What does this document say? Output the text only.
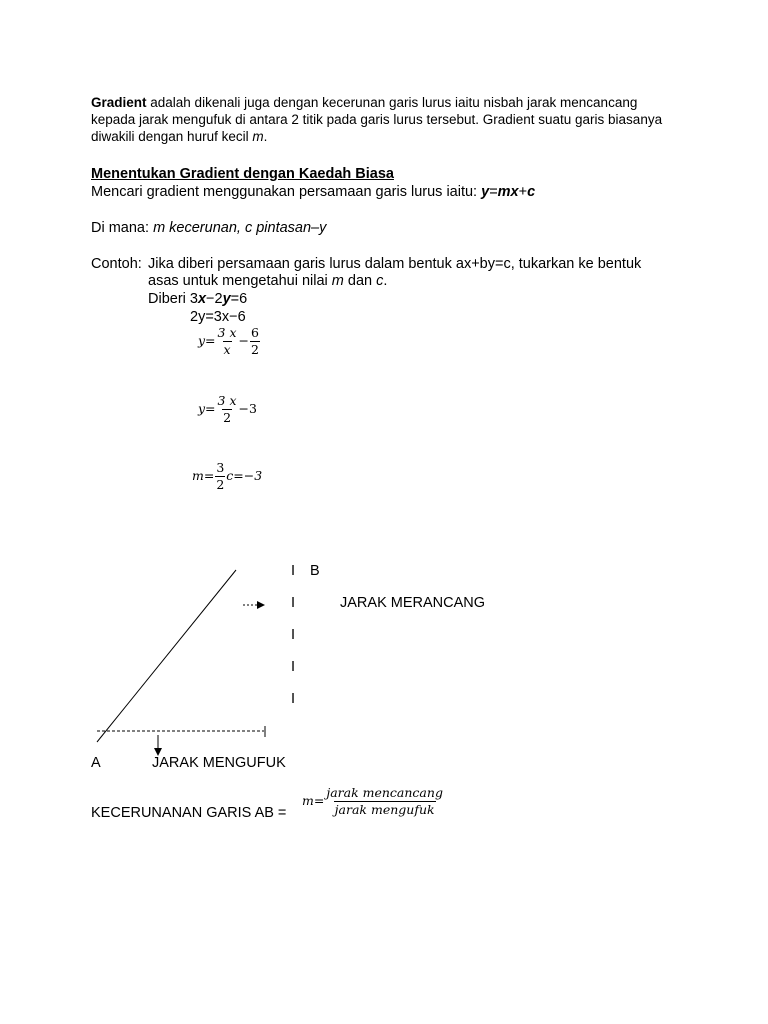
Gradient adalah dikenali juga dengan kecerunan garis lurus iaitu nisbah jarak mencancang
kepada jarak mengufuk di antara 2 titik pada garis lurus tersebut. Gradient suatu garis biasanya
diwakili dengan huruf kecil m.
Menentukan Gradient dengan Kaedah Biasa
Mencari gradient menggunakan persamaan garis lurus iaitu: y=mx+c
Di mana: m kecerunan, c pintasan–y
Contoh: Jika diberi persamaan garis lurus dalam bentuk ax+by=c, tukarkan ke bentuk
asas untuk mengetahui nilai m dan c.
Diberi 3x−2y=6
2y=3x−6
$y= \frac{3 x}{x} - \frac{6}{2}$
$y= \frac{3 x}{2} -3$
$m= \frac{3}{2} c=-3$
I B
I	JARAK MERANCANG
I
I
I
A	JARAK MENGUFUK
KECERUNANAN GARIS AB =
$m= \frac{\text{jarak mencancang}}{\text{jarak mengufuk}}$
